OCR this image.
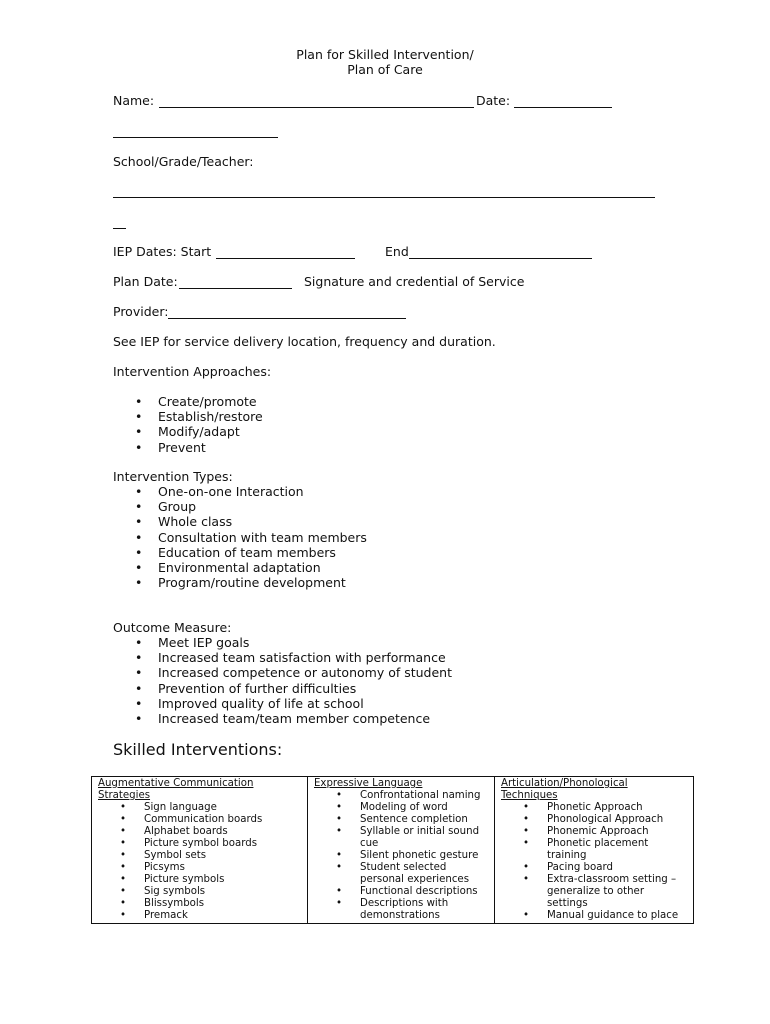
Plan for Skilled Intervention/
Plan of Care
Name:	Date:
School/Grade/Teacher:
IEP Dates: Start	End
Plan Date:	Signature and credential of Service
Provider:
See IEP for service delivery location, frequency and duration.
Intervention Approaches:
• Create/promote
• Establish/restore
• Modify/adapt
• Prevent
Intervention Types:
• One-on-one Interaction
• Group
• Whole class
• Consultation with team members
• Education of team members
• Environmental adaptation
• Program/routine development
Outcome Measure:
• Meet IEP goals
• Increased team satisfaction with performance
• Increased competence or autonomy of student
• Prevention of further difficulties
• Improved quality of life at school
• Increased team/team member competence
Skilled Interventions:
Augmentative Communication
Strategies
• Sign language
• Communication boards
• Alphabet boards
• Picture symbol boards
• Symbol sets
• Picsyms
• Picture symbols
• Sig symbols
• Blissymbols
• Premack

Expressive Language
• Confrontational naming
• Modeling of word
• Sentence completion
• Syllable or initial sound cue
• Silent phonetic gesture
• Student selected personal experiences
• Functional descriptions
• Descriptions with demonstrations

Articulation/Phonological
Techniques
• Phonetic Approach
• Phonological Approach
• Phonemic Approach
• Phonetic placement training
• Pacing board
• Extra-classroom setting – generalize to other settings
• Manual guidance to place
